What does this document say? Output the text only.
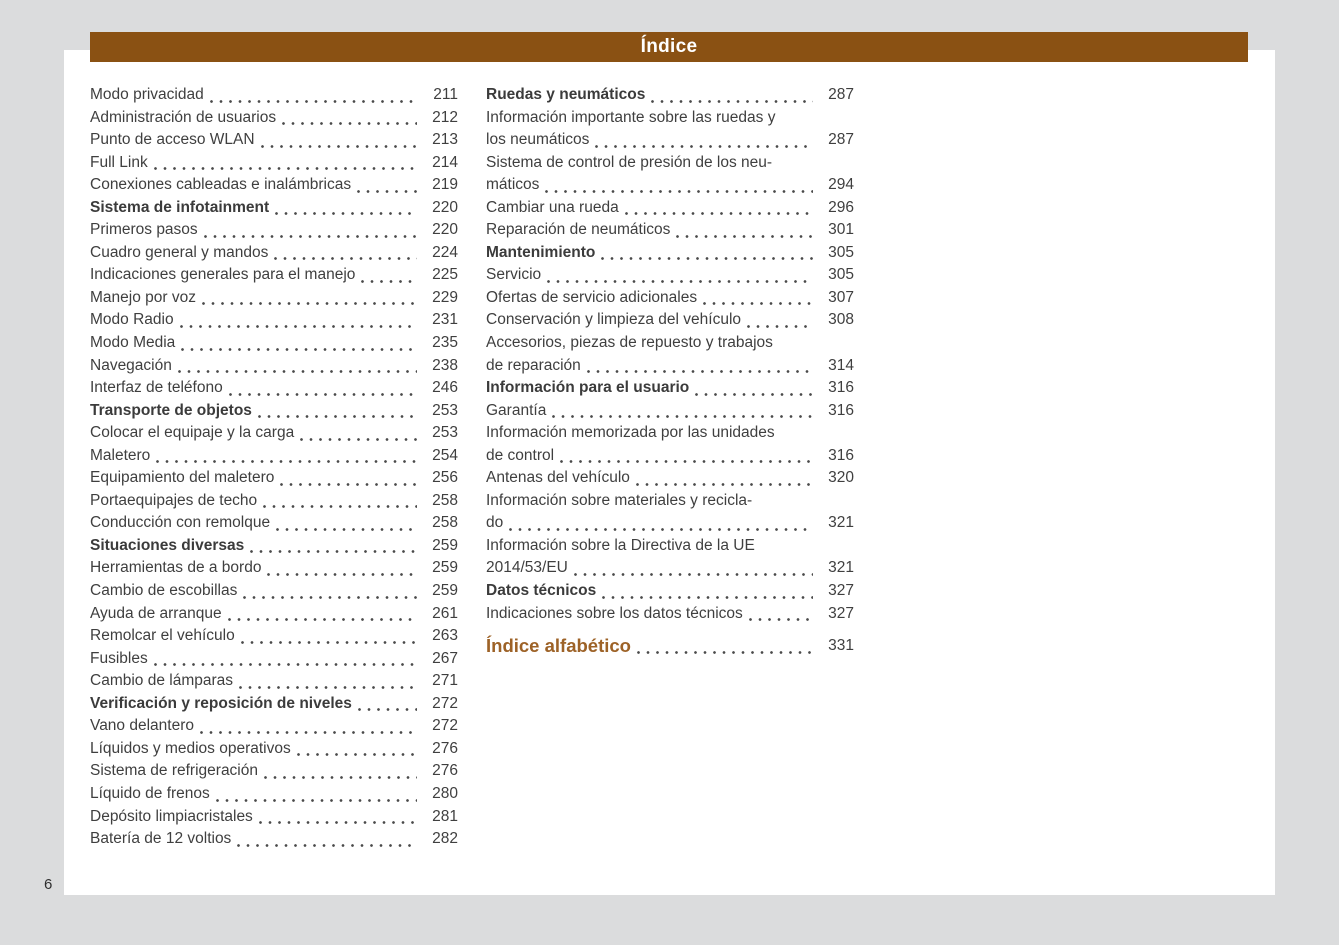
Índice
Modo privacidad	211
Administración de usuarios	212
Punto de acceso WLAN	213
Full Link	214
Conexiones cableadas e inalámbricas	219
Sistema de infotainment	220
Primeros pasos	220
Cuadro general y mandos	224
Indicaciones generales para el manejo	225
Manejo por voz	229
Modo Radio	231
Modo Media	235
Navegación	238
Interfaz de teléfono	246
Transporte de objetos	253
Colocar el equipaje y la carga	253
Maletero	254
Equipamiento del maletero	256
Portaequipajes de techo	258
Conducción con remolque	258
Situaciones diversas	259
Herramientas de a bordo	259
Cambio de escobillas	259
Ayuda de arranque	261
Remolcar el vehículo	263
Fusibles	267
Cambio de lámparas	271
Verificación y reposición de niveles	272
Vano delantero	272
Líquidos y medios operativos	276
Sistema de refrigeración	276
Líquido de frenos	280
Depósito limpiacristales	281
Batería de 12 voltios	282
Ruedas y neumáticos	287
Información importante sobre las ruedas y
los neumáticos	287
Sistema de control de presión de los neu-
máticos	294
Cambiar una rueda	296
Reparación de neumáticos	301
Mantenimiento	305
Servicio	305
Ofertas de servicio adicionales	307
Conservación y limpieza del vehículo	308
Accesorios, piezas de repuesto y trabajos
de reparación	314
Información para el usuario	316
Garantía	316
Información memorizada por las unidades
de control	316
Antenas del vehículo	320
Información sobre materiales y recicla-
do	321
Información sobre la Directiva de la UE
2014/53/EU	321
Datos técnicos	327
Indicaciones sobre los datos técnicos	327
Índice alfabético	331
6
